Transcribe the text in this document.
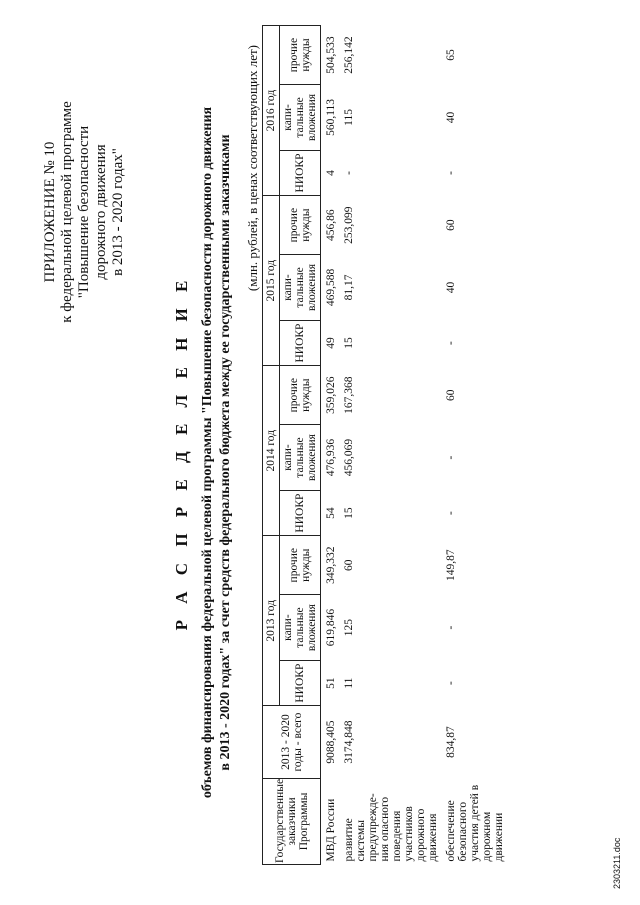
ПРИЛОЖЕНИЕ № 10 к федеральной целевой программе "Повышение безопасности дорожного движения в 2013 - 2020 годах"
Р А С П Р Е Д Е Л Е Н И Е объемов финансирования федеральной целевой программы "Повышение безопасности дорожного движения в 2013 - 2020 годах" за счет средств федерального бюджета между ее государственными заказчиками (млн. рублей, в ценах соответствующих лет)
Государственные заказчики Программы	2013 - 2020 годы - всего	2013 год			2014 год			2015 год			2016 год		
		НИОКР	капи- тальные вложения	прочие нужды	НИОКР	капи- тальные вложения	прочие нужды	НИОКР	капи- тальные вложения	прочие нужды	НИОКР	капи- тальные вложения	прочие нужды
МВД России	9088,405	51	619,846	349,332	54	476,936	359,026	49	469,588	456,86	4	560,113	504,533
развитие системы предупрежде- ния опасного поведения участников дорожного движения	3174,848	11	125	60	15	456,069	167,368	15	81,17	253,099	-	115	256,142
обеспечение безопасного участия детей в дорожном движении	834,87	-	-	149,87	-	-	60	-	40	60	-	40	65
2303211.doc
